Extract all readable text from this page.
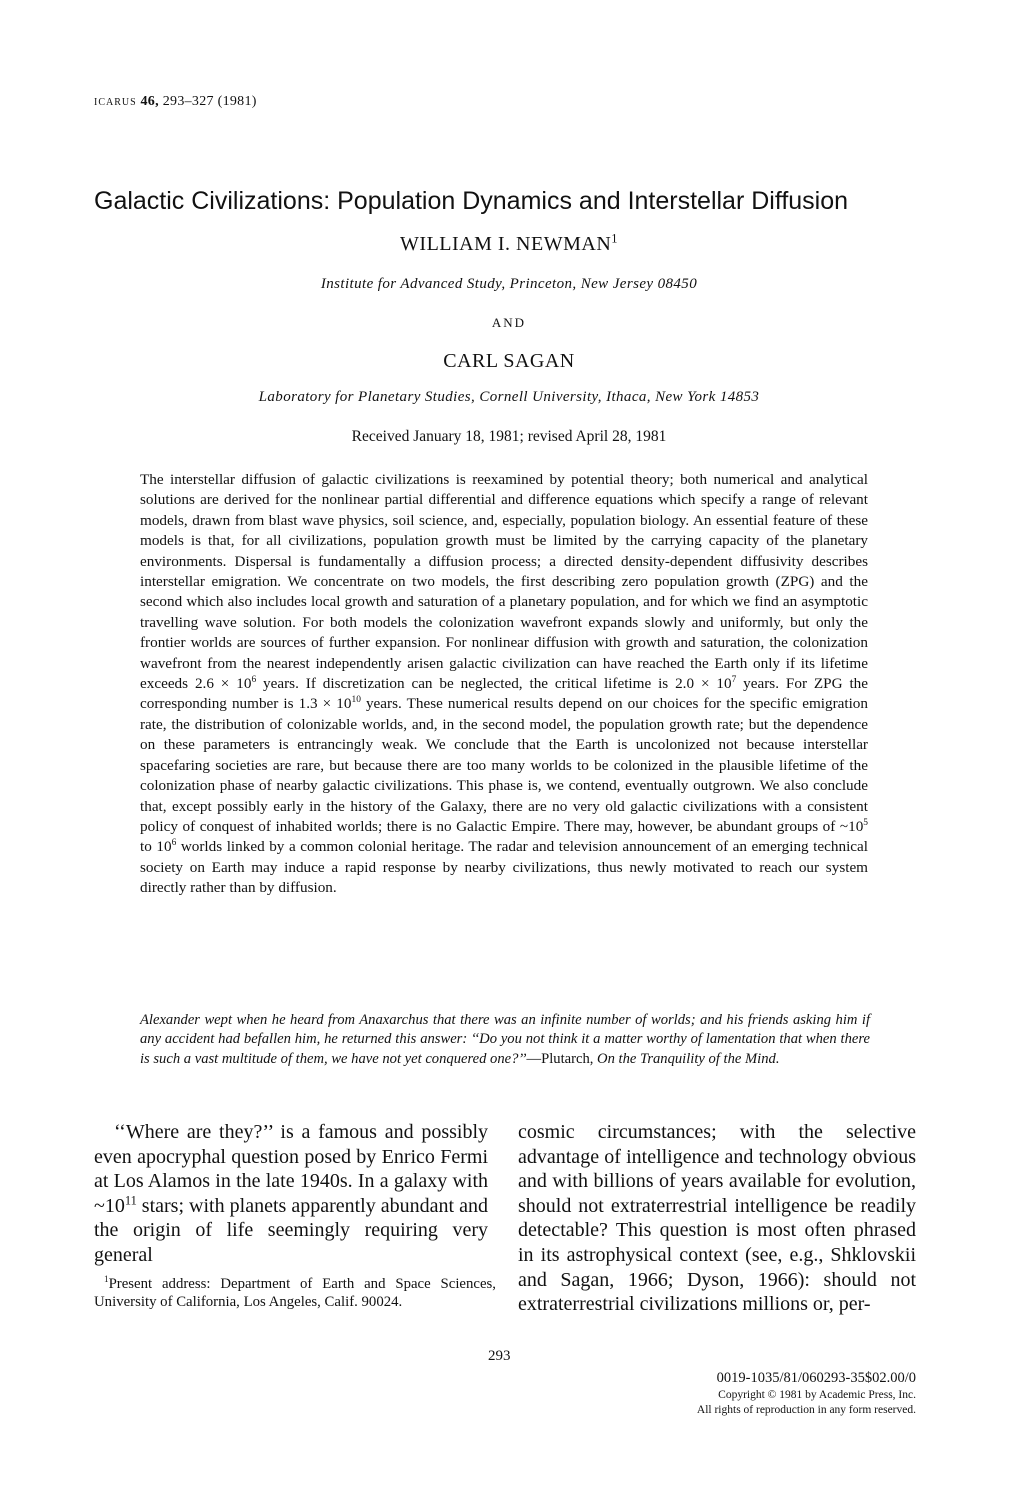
ICARUS 46, 293–327 (1981)
Galactic Civilizations: Population Dynamics and Interstellar Diffusion
WILLIAM I. NEWMAN$^1$
Institute for Advanced Study, Princeton, New Jersey 08450
AND
CARL SAGAN
Laboratory for Planetary Studies, Cornell University, Ithaca, New York 14853
Received January 18, 1981; revised April 28, 1981
The interstellar diffusion of galactic civilizations is reexamined by potential theory; both numerical and analytical solutions are derived for the nonlinear partial differential and difference equations which specify a range of relevant models, drawn from blast wave physics, soil science, and, especially, population biology. An essential feature of these models is that, for all civilizations, population growth must be limited by the carrying capacity of the planetary environments. Dispersal is fundamentally a diffusion process; a directed density-dependent diffusivity describes interstellar emigration. We concentrate on two models, the first describing zero population growth (ZPG) and the second which also includes local growth and saturation of a planetary population, and for which we find an asymptotic travelling wave solution. For both models the colonization wavefront expands slowly and uniformly, but only the frontier worlds are sources of further expansion. For nonlinear diffusion with growth and saturation, the colonization wavefront from the nearest independently arisen galactic civilization can have reached the Earth only if its lifetime exceeds $2.6 \times 10^6$ years. If discretization can be neglected, the critical lifetime is $2.0 \times 10^7$ years. For ZPG the corresponding number is $1.3 \times 10^{10}$ years. These numerical results depend on our choices for the specific emigration rate, the distribution of colonizable worlds, and, in the second model, the population growth rate; but the dependence on these parameters is entrancingly weak. We conclude that the Earth is uncolonized not because interstellar spacefaring societies are rare, but because there are too many worlds to be colonized in the plausible lifetime of the colonization phase of nearby galactic civilizations. This phase is, we contend, eventually outgrown. We also conclude that, except possibly early in the history of the Galaxy, there are no very old galactic civilizations with a consistent policy of conquest of inhabited worlds; there is no Galactic Empire. There may, however, be abundant groups of $\sim 10^5$ to $10^6$ worlds linked by a common colonial heritage. The radar and television announcement of an emerging technical society on Earth may induce a rapid response by nearby civilizations, thus newly motivated to reach our system directly rather than by diffusion.
Alexander wept when he heard from Anaxarchus that there was an infinite number of worlds; and his friends asking him if any accident had befallen him, he returned this answer: ‘‘Do you not think it a matter worthy of lamentation that when there is such a vast multitude of them, we have not yet conquered one?’’—Plutarch, On the Tranquility of the Mind.
‘‘Where are they?’’ is a famous and possibly even apocryphal question posed by Enrico Fermi at Los Alamos in the late 1940s. In a galaxy with $\sim 10^{11}$ stars; with planets apparently abundant and the origin of life seemingly requiring very general
cosmic circumstances; with the selective advantage of intelligence and technology obvious and with billions of years available for evolution, should not extraterrestrial intelligence be readily detectable? This question is most often phrased in its astrophysical context (see, e.g., Shklovskii and Sagan, 1966; Dyson, 1966): should not extraterrestrial civilizations millions or, per-
$^1$Present address: Department of Earth and Space Sciences, University of California, Los Angeles, Calif. 90024.
293
0019-1035/81/060293-35$02.00/0
Copyright © 1981 by Academic Press, Inc.
All rights of reproduction in any form reserved.
